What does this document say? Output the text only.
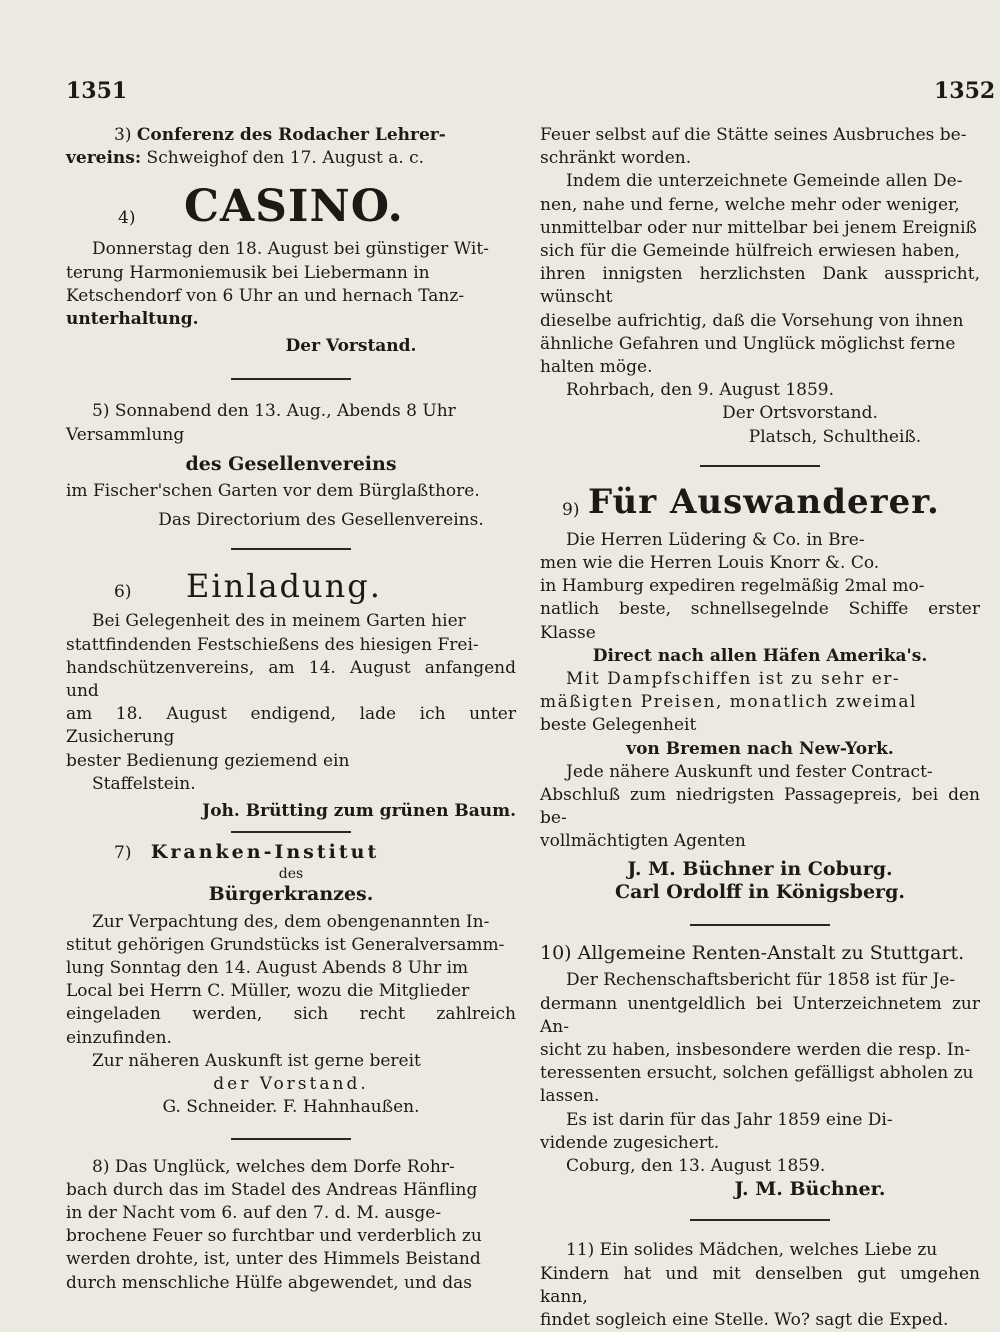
1351	1352

3) Conferenz des Rodacher Lehrer-

vereins: Schweighof den 17. August a. c.

4)	CASINO.

Donnerstag den 18. August bei günstiger Wit-

terung Harmoniemusik bei Liebermann in

Ketschendorf von 6 Uhr an und hernach Tanz-

unterhaltung.

Der Vorstand.

5) Sonnabend den 13. Aug., Abends 8 Uhr

Versammlung

des Gesellenvereins

im Fischer'schen Garten vor dem Bürglaßthore.

Das Directorium des Gesellenvereins.

6)	Einladung.

Bei Gelegenheit des in meinem Garten hier

stattfindenden Festschießens des hiesigen Frei-

handschützenvereins, am 14. August anfangend und

am 18. August endigend, lade ich unter Zusicherung

bester Bedienung geziemend ein

Staffelstein.

Joh. Brütting zum grünen Baum.

7) Kranken-Institut

des

Bürgerkranzes.

Zur Verpachtung des, dem obengenannten In-

stitut gehörigen Grundstücks ist Generalversamm-

lung Sonntag den 14. August Abends 8 Uhr im

Local bei Herrn C. Müller, wozu die Mitglieder

eingeladen werden, sich recht zahlreich einzufinden.

Zur näheren Auskunft ist gerne bereit

der Vorstand.

G. Schneider. F. Hahnhaußen.

8) Das Unglück, welches dem Dorfe Rohr-

bach durch das im Stadel des Andreas Hänfling

in der Nacht vom 6. auf den 7. d. M. ausge-

brochene Feuer so furchtbar und verderblich zu

werden drohte, ist, unter des Himmels Beistand

durch menschliche Hülfe abgewendet, und das

Feuer selbst auf die Stätte seines Ausbruches be-

schränkt worden.

Indem die unterzeichnete Gemeinde allen De-

nen, nahe und ferne, welche mehr oder weniger,

unmittelbar oder nur mittelbar bei jenem Ereigniß

sich für die Gemeinde hülfreich erwiesen haben,

ihren innigsten herzlichsten Dank ausspricht, wünscht

dieselbe aufrichtig, daß die Vorsehung von ihnen

ähnliche Gefahren und Unglück möglichst ferne

halten möge.

Rohrbach, den 9. August 1859.

Der Ortsvorstand.

Platsch, Schultheiß.

9) Für Auswanderer.

Die Herren Lüdering & Co. in Bre-

men wie die Herren Louis Knorr &. Co.

in Hamburg expediren regelmäßig 2mal mo-

natlich beste, schnellsegelnde Schiffe erster Klasse

Direct nach allen Häfen Amerika's.

Mit Dampfschiffen ist zu sehr er-

mäßigten Preisen, monatlich zweimal

beste Gelegenheit

von Bremen nach New-York.

Jede nähere Auskunft und fester Contract-

Abschluß zum niedrigsten Passagepreis, bei den be-

vollmächtigten Agenten

J. M. Büchner in Coburg.

Carl Ordolff in Königsberg.

10) Allgemeine Renten-Anstalt zu Stuttgart.

Der Rechenschaftsbericht für 1858 ist für Je-

dermann unentgeldlich bei Unterzeichnetem zur An-

sicht zu haben, insbesondere werden die resp. In-

teressenten ersucht, solchen gefälligst abholen zu

lassen.

Es ist darin für das Jahr 1859 eine Di-

vidende zugesichert.

Coburg, den 13. August 1859.

J. M. Büchner.

11) Ein solides Mädchen, welches Liebe zu

Kindern hat und mit denselben gut umgehen kann,

findet sogleich eine Stelle. Wo? sagt die Exped.
